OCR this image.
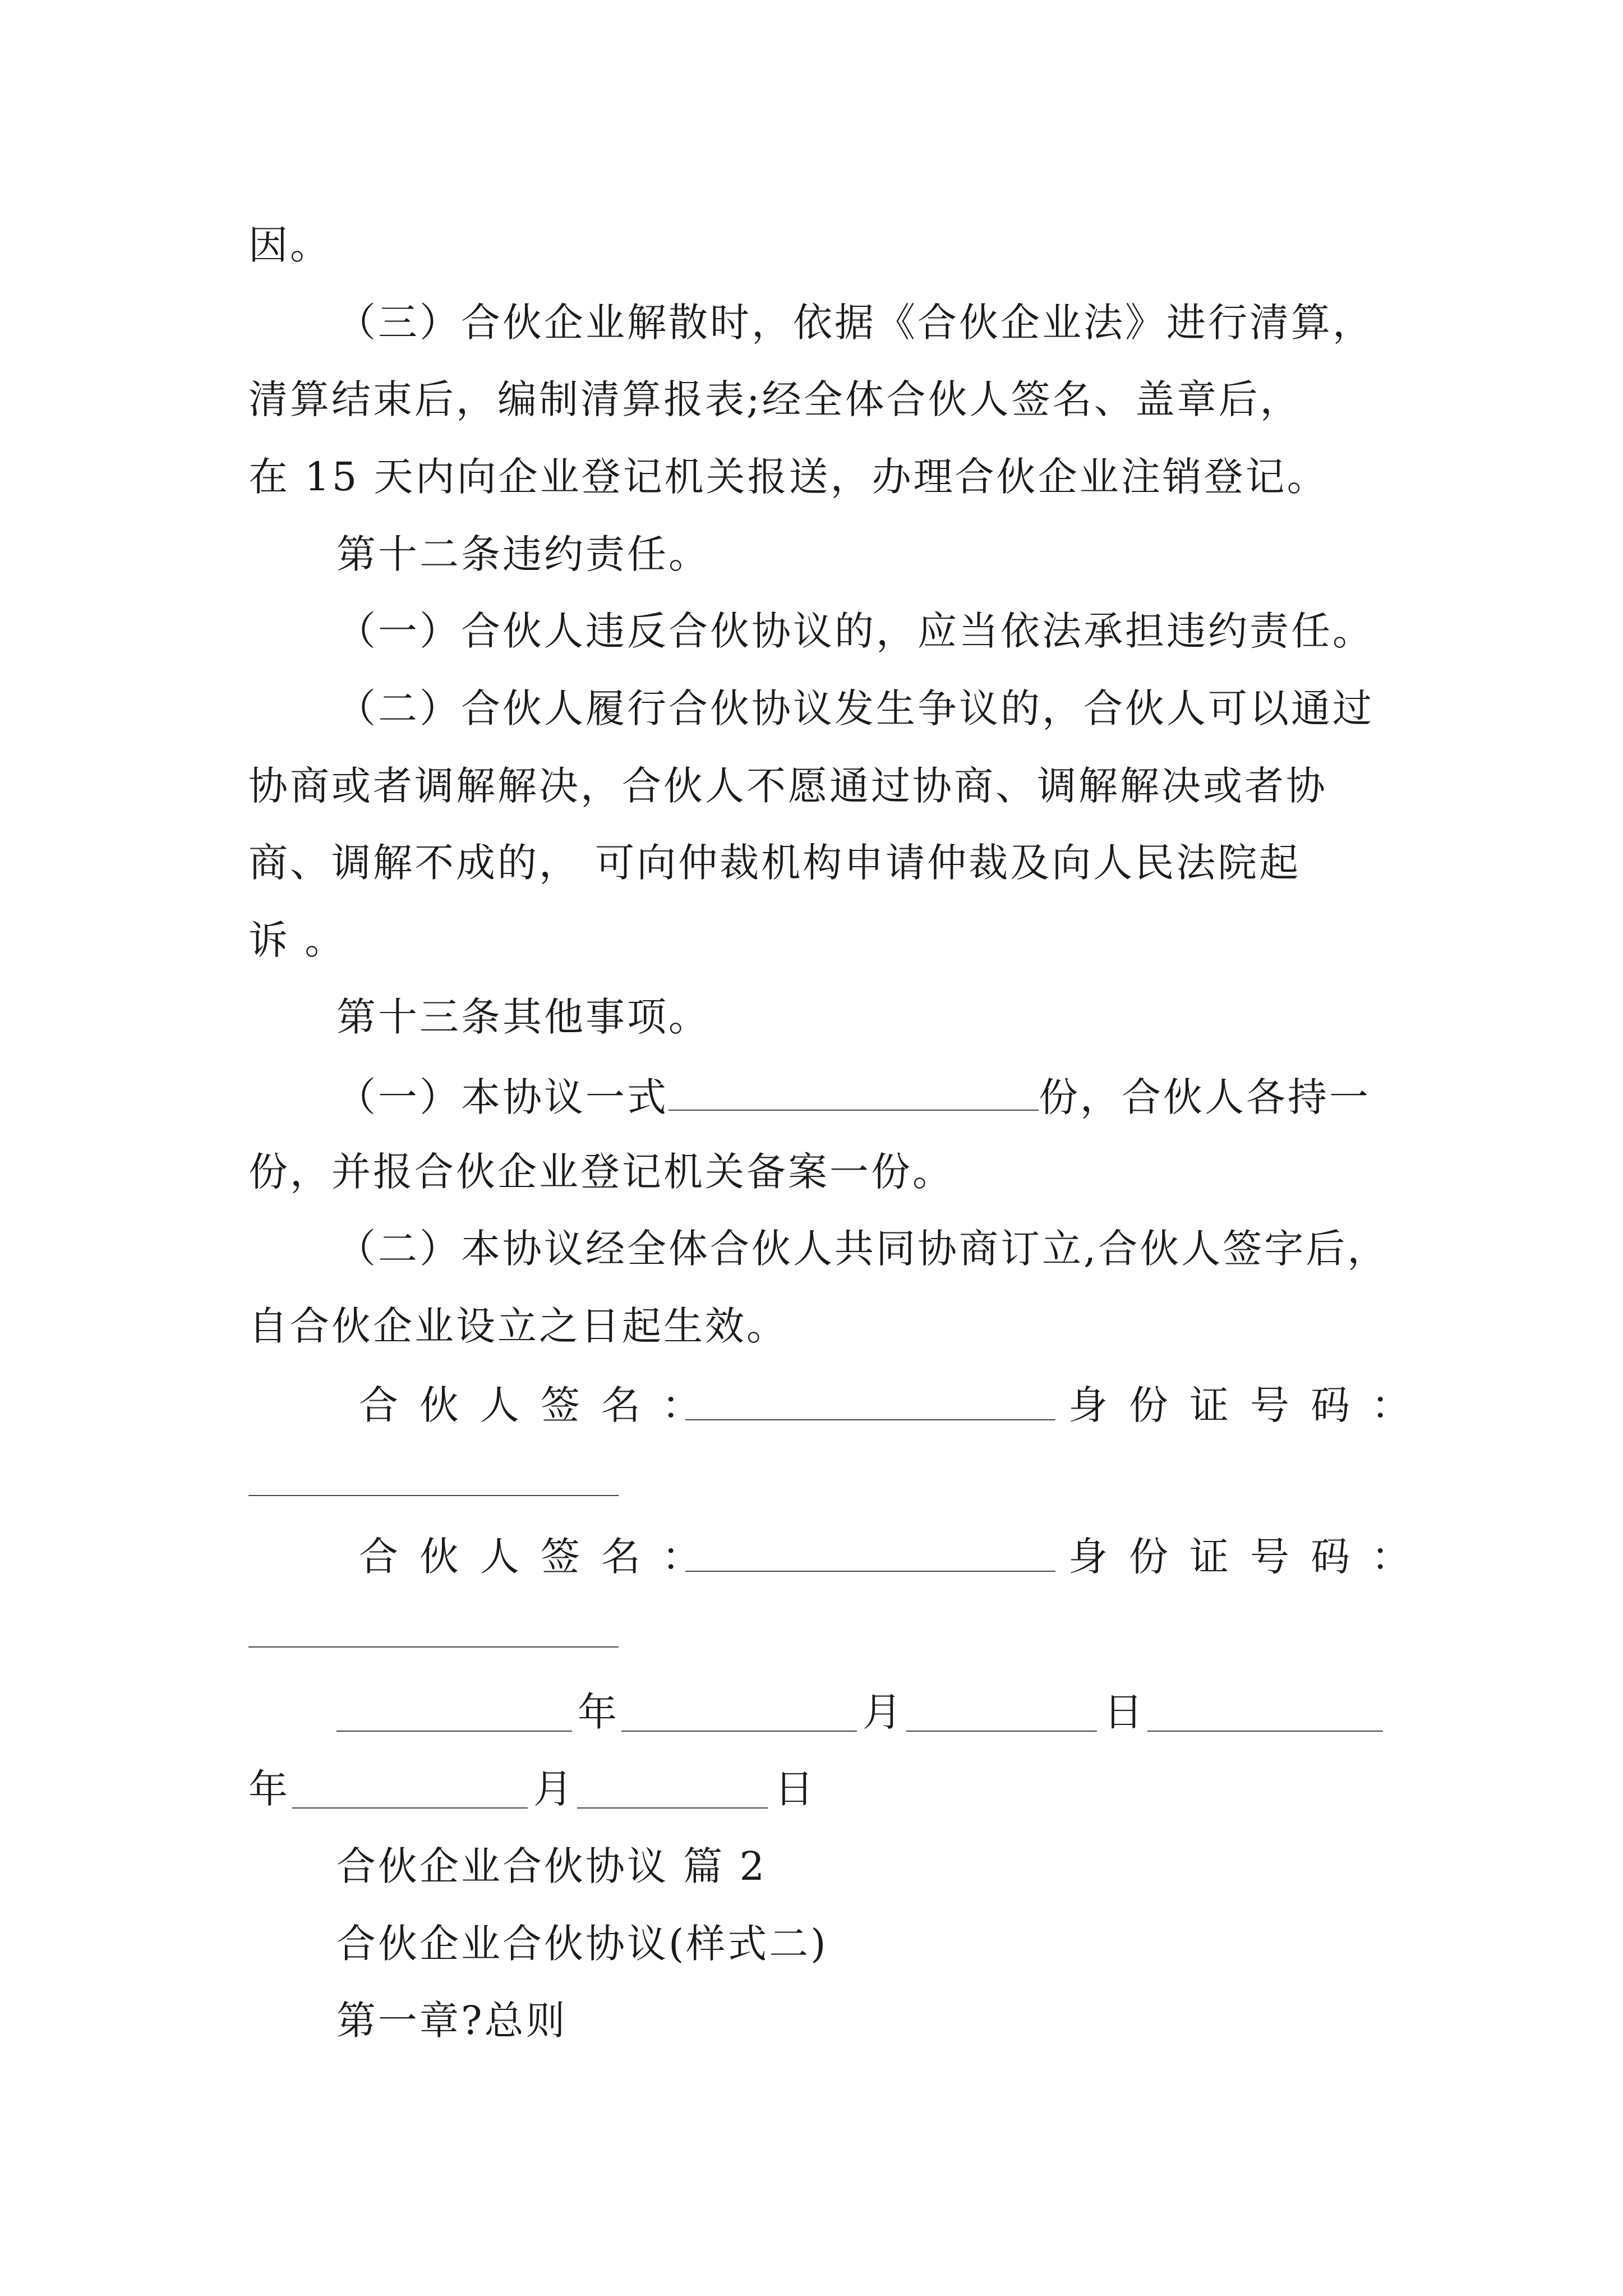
因。
（三）合伙企业解散时，依据《合伙企业法》进行清算，
清算结束后，编制清算报表;经全体合伙人签名、盖章后，
在 15 天内向企业登记机关报送，办理合伙企业注销登记。
第十二条违约责任。
（一）合伙人违反合伙协议的，应当依法承担违约责任。
（二）合伙人履行合伙协议发生争议的，合伙人可以通过
协商或者调解解决，合伙人不愿通过协商、调解解决或者协
商、调解不成的， 可向仲裁机构申请仲裁及向人民法院起
诉 。
第十三条其他事项。
（一）本协议一式	份，合伙人各持一
份，并报合伙企业登记机关备案一份。
（二）本协议经全体合伙人共同协商订立,合伙人签字后，
自合伙企业设立之日起生效。
合伙人签名：	身份证号码：
合伙人签名：	身份证号码：
年	月	日
年	月	日
合伙企业合伙协议 篇 2
合伙企业合伙协议(样式二)
第一章?总则
